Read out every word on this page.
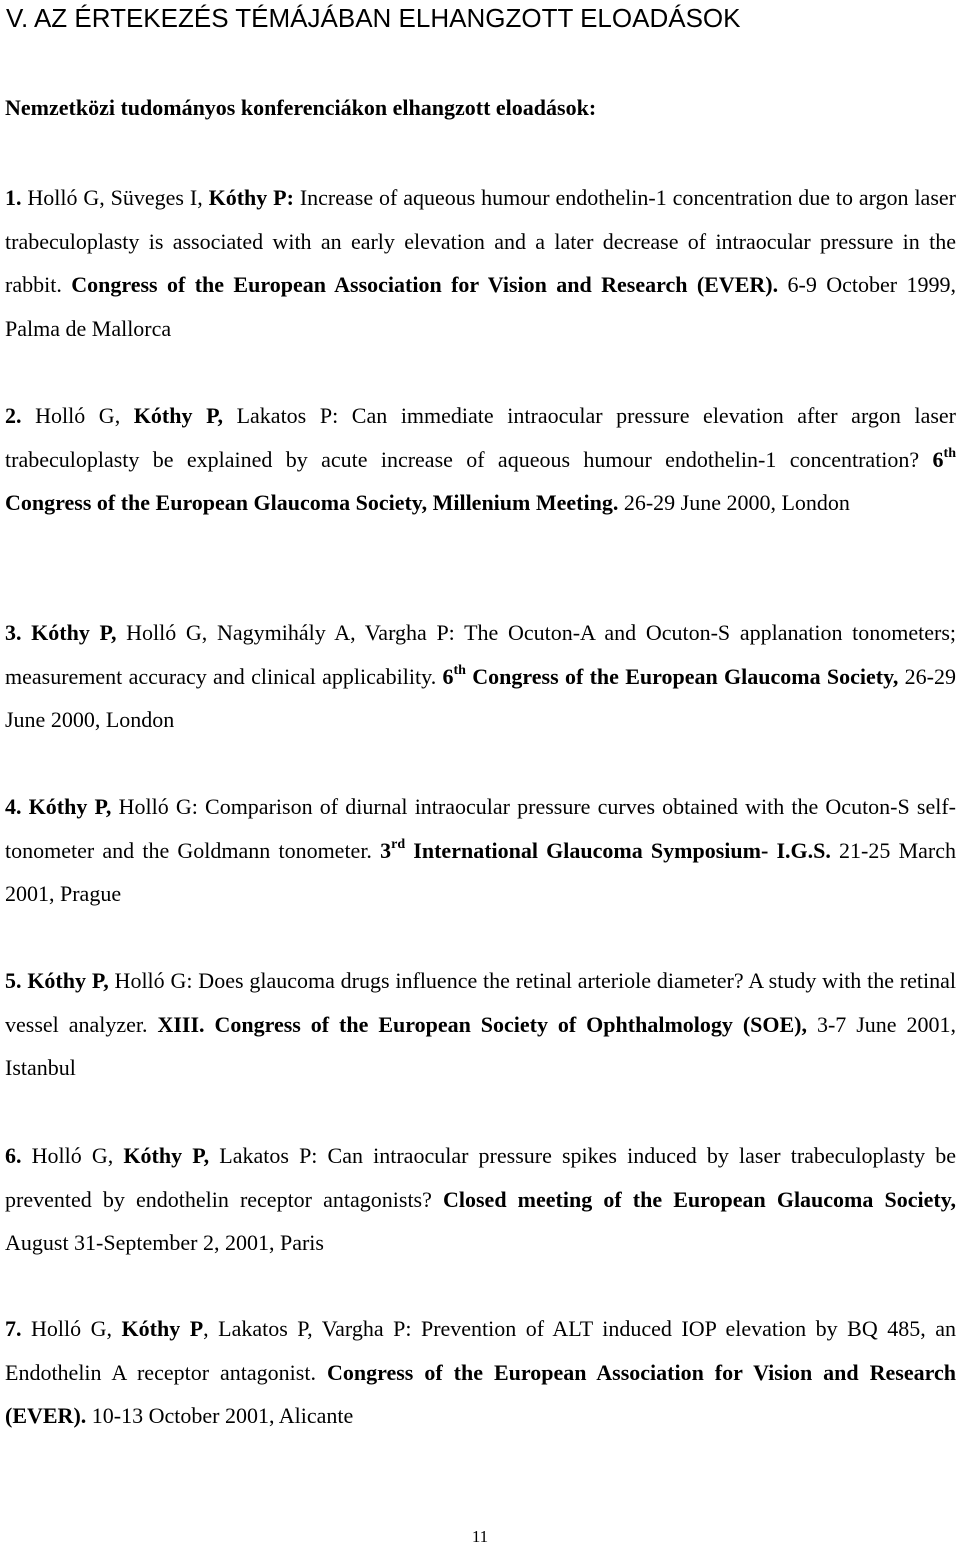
V. AZ ÉRTEKEZÉS TÉMÁJÁBAN ELHANGZOTT ELOADÁSOK
Nemzetközi tudományos konferenciákon elhangzott eloadások:
1. Holló G, Süveges I, Kóthy P: Increase of aqueous humour endothelin-1 concentration due to argon laser trabeculoplasty is associated with an early elevation and a later decrease of intraocular pressure in the rabbit. Congress of the European Association for Vision and Research (EVER). 6-9 October 1999, Palma de Mallorca
2. Holló G, Kóthy P, Lakatos P: Can immediate intraocular pressure elevation after argon laser trabeculoplasty be explained by acute increase of aqueous humour endothelin-1 concentration? 6th Congress of the European Glaucoma Society, Millenium Meeting. 26-29 June 2000, London
3. Kóthy P, Holló G, Nagymihály A, Vargha P: The Ocuton-A and Ocuton-S applanation tonometers; measurement accuracy and clinical applicability. 6th Congress of the European Glaucoma Society, 26-29 June 2000, London
4. Kóthy P, Holló G: Comparison of diurnal intraocular pressure curves obtained with the Ocuton-S self-tonometer and the Goldmann tonometer. 3rd International Glaucoma Symposium- I.G.S. 21-25 March 2001, Prague
5. Kóthy P, Holló G: Does glaucoma drugs influence the retinal arteriole diameter? A study with the retinal vessel analyzer. XIII. Congress of the European Society of Ophthalmology (SOE), 3-7 June 2001, Istanbul
6. Holló G, Kóthy P, Lakatos P: Can intraocular pressure spikes induced by laser trabeculoplasty be prevented by endothelin receptor antagonists? Closed meeting of the European Glaucoma Society, August 31-September 2, 2001, Paris
7. Holló G, Kóthy P, Lakatos P, Vargha P: Prevention of ALT induced IOP elevation by BQ 485, an Endothelin A receptor antagonist. Congress of the European Association for Vision and Research (EVER). 10-13 October 2001, Alicante
11
